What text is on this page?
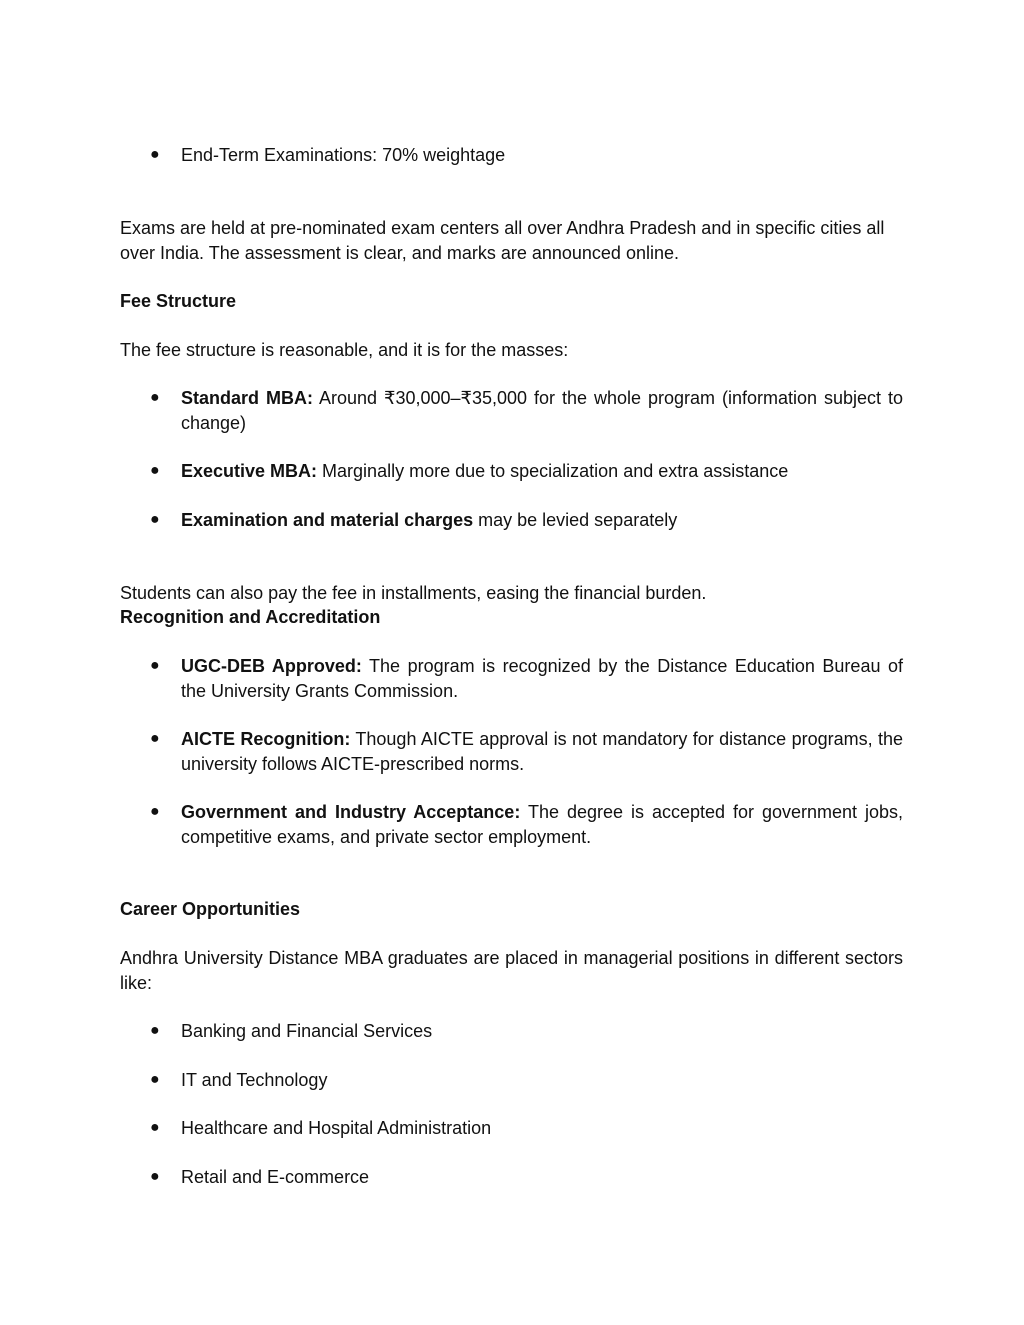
● End-Term Examinations: 70% weightage
Exams are held at pre-nominated exam centers all over Andhra Pradesh and in specific cities all over India. The assessment is clear, and marks are announced online.
Fee Structure
The fee structure is reasonable, and it is for the masses:
● Standard MBA: Around ₹30,000–₹35,000 for the whole program (information subject to change)
● Executive MBA: Marginally more due to specialization and extra assistance
● Examination and material charges may be levied separately
Students can also pay the fee in installments, easing the financial burden.
Recognition and Accreditation
● UGC-DEB Approved: The program is recognized by the Distance Education Bureau of the University Grants Commission.
● AICTE Recognition: Though AICTE approval is not mandatory for distance programs, the university follows AICTE-prescribed norms.
● Government and Industry Acceptance: The degree is accepted for government jobs, competitive exams, and private sector employment.
Career Opportunities
Andhra University Distance MBA graduates are placed in managerial positions in different sectors like:
● Banking and Financial Services
● IT and Technology
● Healthcare and Hospital Administration
● Retail and E-commerce
